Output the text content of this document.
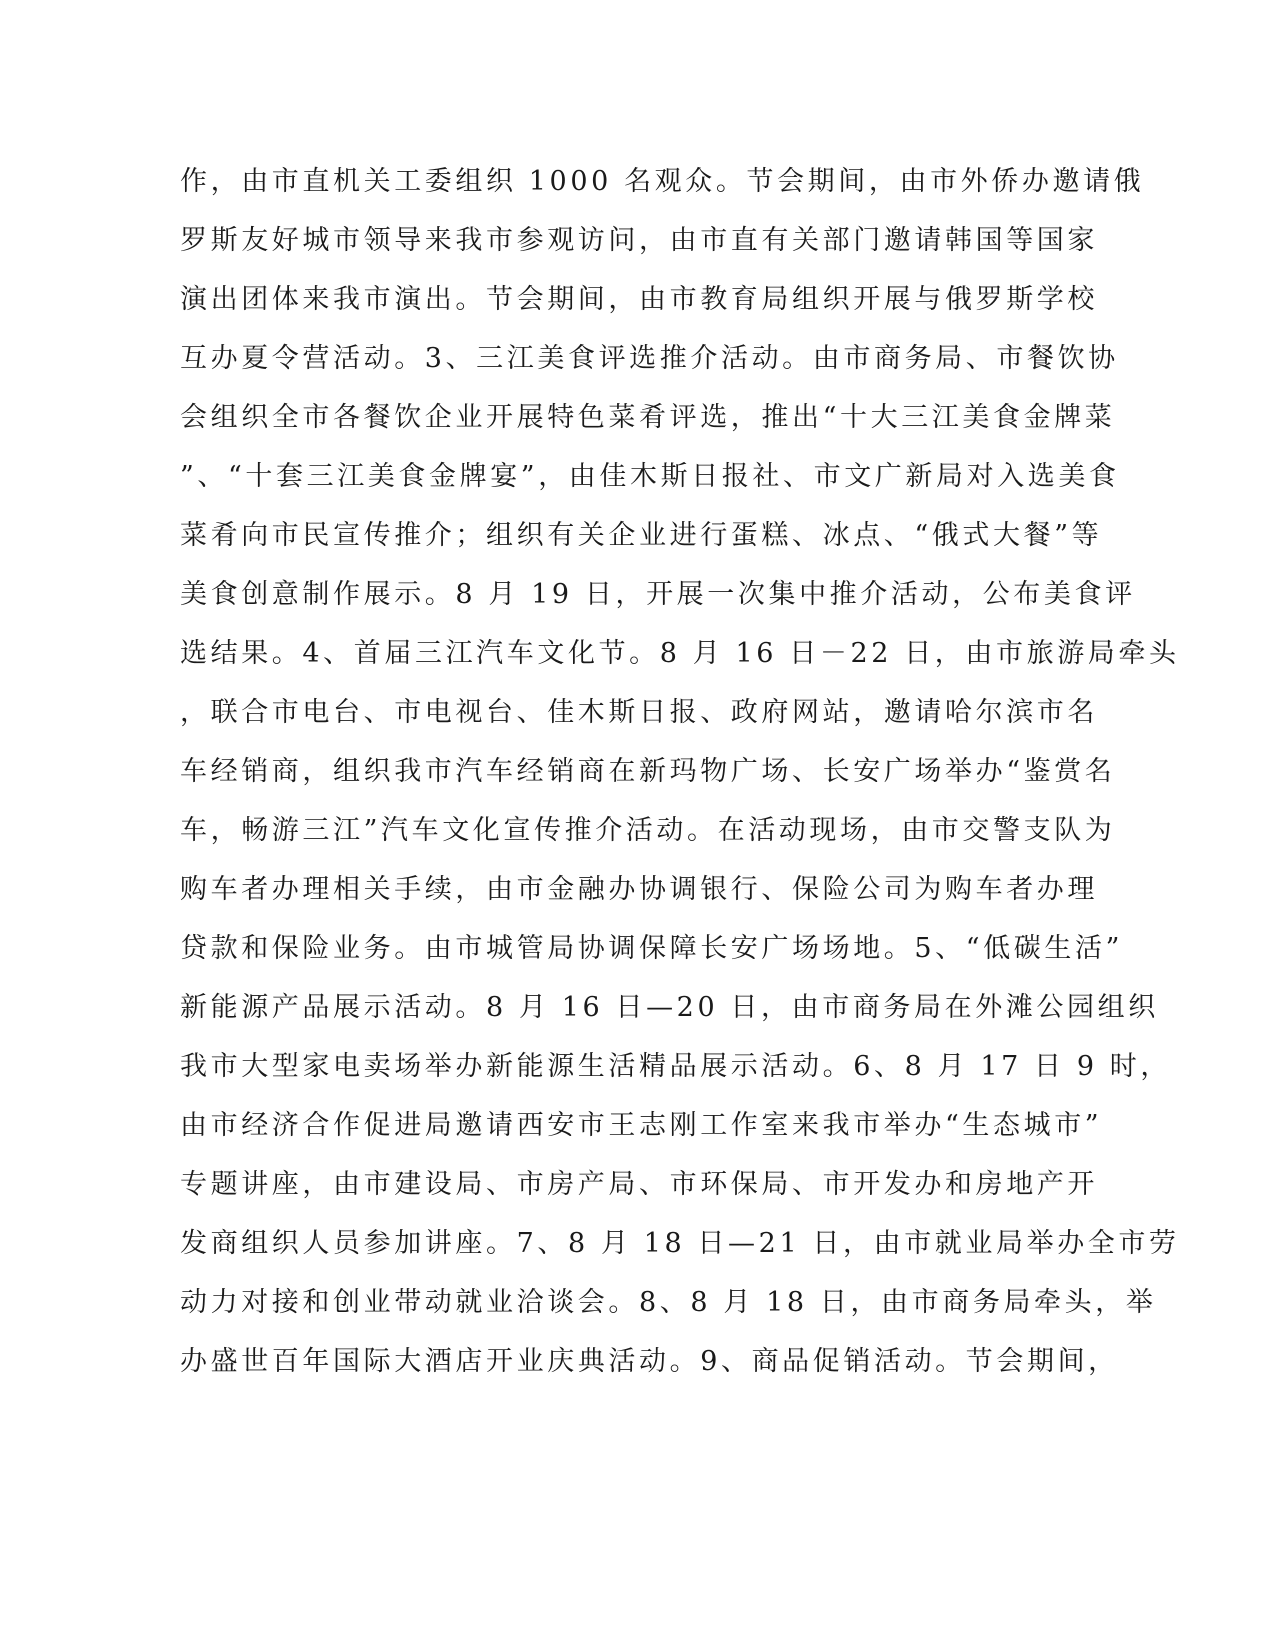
作，由市直机关工委组织 1000 名观众。节会期间，由市外侨办邀请俄
罗斯友好城市领导来我市参观访问，由市直有关部门邀请韩国等国家
演出团体来我市演出。节会期间，由市教育局组织开展与俄罗斯学校
互办夏令营活动。3、三江美食评选推介活动。由市商务局、市餐饮协
会组织全市各餐饮企业开展特色菜肴评选，推出“十大三江美食金牌菜
”、“十套三江美食金牌宴”，由佳木斯日报社、市文广新局对入选美食
菜肴向市民宣传推介；组织有关企业进行蛋糕、冰点、“俄式大餐”等
美食创意制作展示。8 月 19 日，开展一次集中推介活动，公布美食评
选结果。4、首届三江汽车文化节。8 月 16 日－22 日，由市旅游局牵头
，联合市电台、市电视台、佳木斯日报、政府网站，邀请哈尔滨市名
车经销商，组织我市汽车经销商在新玛物广场、长安广场举办“鉴赏名
车，畅游三江”汽车文化宣传推介活动。在活动现场，由市交警支队为
购车者办理相关手续，由市金融办协调银行、保险公司为购车者办理
贷款和保险业务。由市城管局协调保障长安广场场地。5、“低碳生活”
新能源产品展示活动。8 月 16 日—20 日，由市商务局在外滩公园组织
我市大型家电卖场举办新能源生活精品展示活动。6、8 月 17 日 9 时，
由市经济合作促进局邀请西安市王志刚工作室来我市举办“生态城市”
专题讲座，由市建设局、市房产局、市环保局、市开发办和房地产开
发商组织人员参加讲座。7、8 月 18 日—21 日，由市就业局举办全市劳
动力对接和创业带动就业洽谈会。8、8 月 18 日，由市商务局牵头，举
办盛世百年国际大酒店开业庆典活动。9、商品促销活动。节会期间，
